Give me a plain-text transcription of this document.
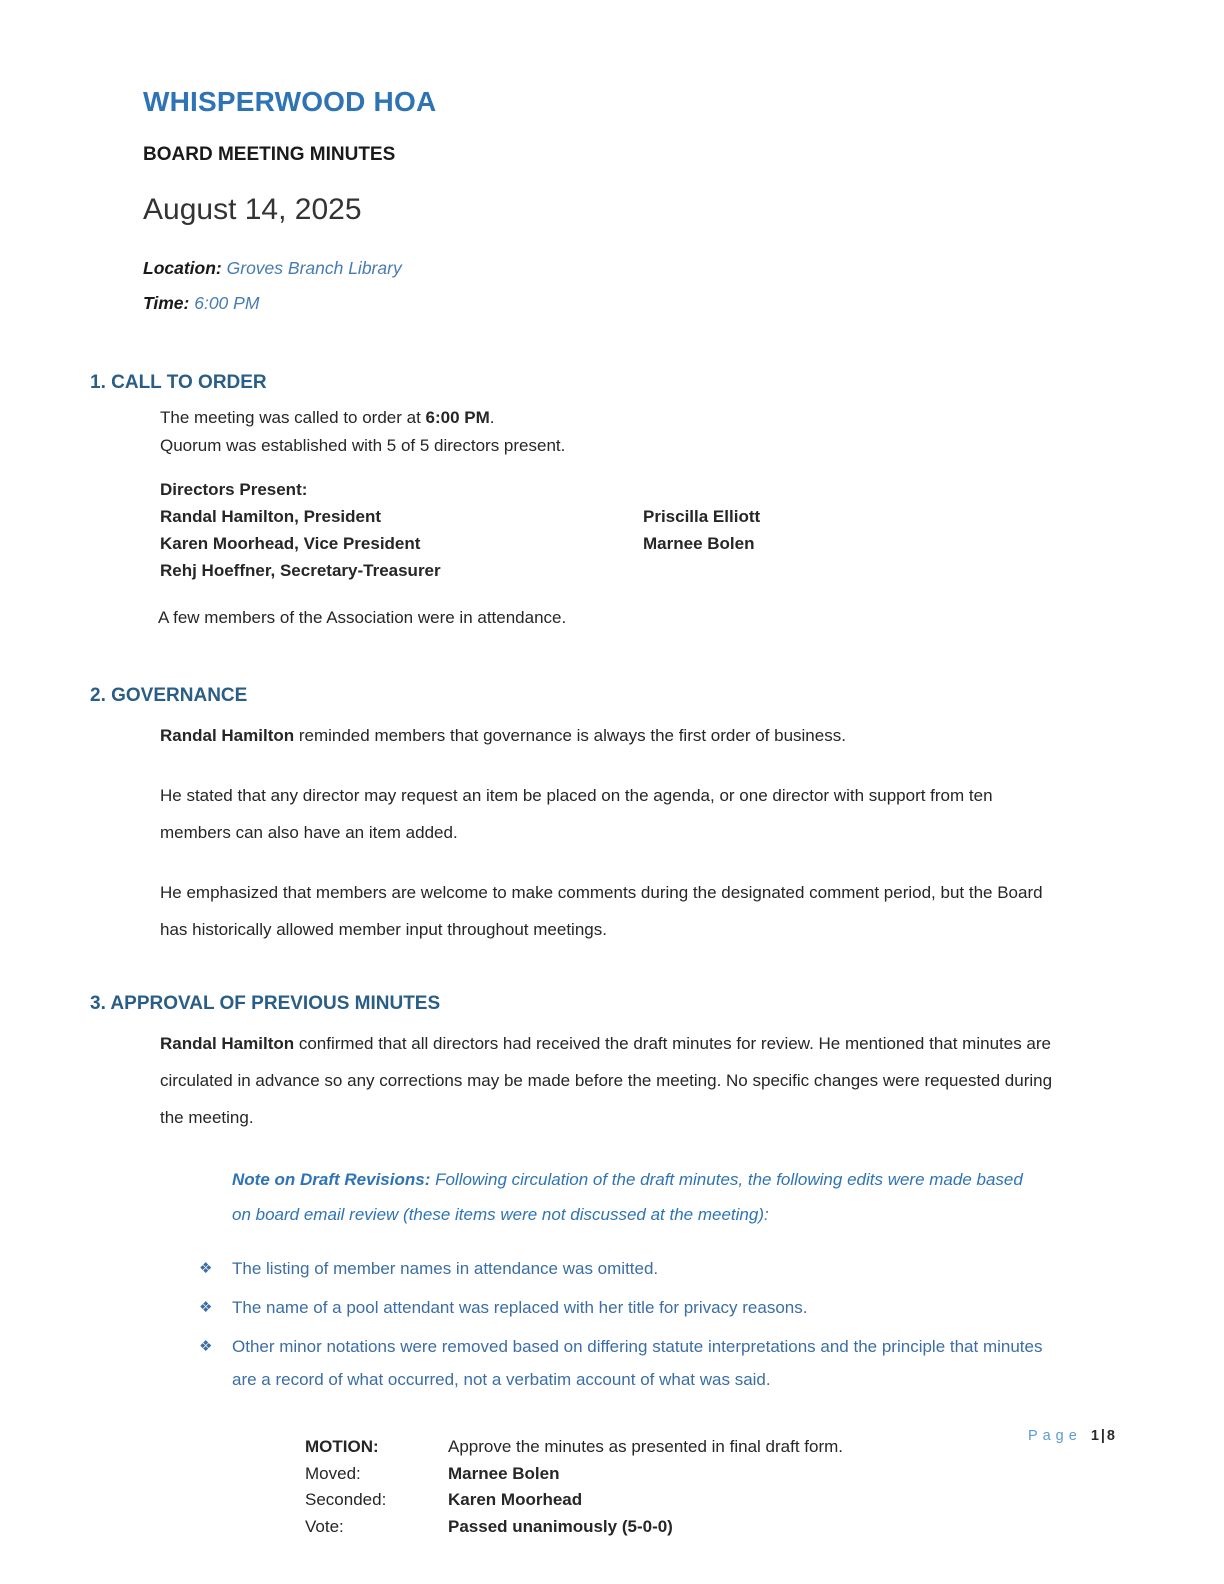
WHISPERWOOD HOA
BOARD MEETING MINUTES
August 14, 2025
Location: Groves Branch Library
Time: 6:00 PM
1. CALL TO ORDER
The meeting was called to order at 6:00 PM.
Quorum was established with 5 of 5 directors present.
Directors Present:
Randal Hamilton, President
Karen Moorhead, Vice President
Rehj Hoeffner, Secretary-Treasurer
Priscilla Elliott
Marnee Bolen
A few members of the Association were in attendance.
2. GOVERNANCE
Randal Hamilton reminded members that governance is always the first order of business.
He stated that any director may request an item be placed on the agenda, or one director with support from ten members can also have an item added.
He emphasized that members are welcome to make comments during the designated comment period, but the Board has historically allowed member input throughout meetings.
3. APPROVAL OF PREVIOUS MINUTES
Randal Hamilton confirmed that all directors had received the draft minutes for review. He mentioned that minutes are circulated in advance so any corrections may be made before the meeting. No specific changes were requested during the meeting.
Note on Draft Revisions: Following circulation of the draft minutes, the following edits were made based on board email review (these items were not discussed at the meeting):
❖	The listing of member names in attendance was omitted.
❖	The name of a pool attendant was replaced with her title for privacy reasons.
❖	Other minor notations were removed based on differing statute interpretations and the principle that minutes are a record of what occurred, not a verbatim account of what was said.
MOTION:	Approve the minutes as presented in final draft form.
Moved:	Marnee Bolen
Seconded:	Karen Moorhead
Vote:	Passed unanimously (5-0-0)
Page 1|8
